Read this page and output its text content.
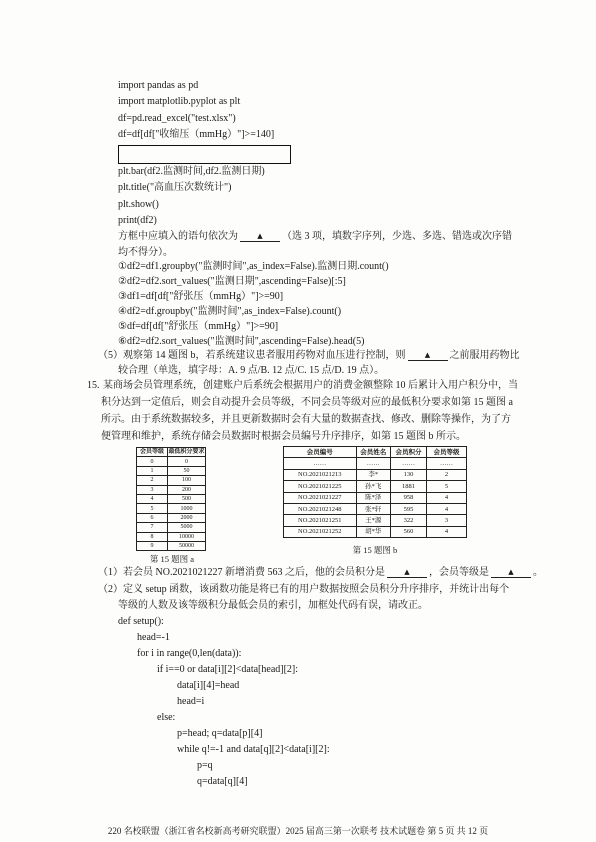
import pandas as pd
import matplotlib.pyplot as plt
df=pd.read_excel("test.xlsx")
df=df[df["收缩压（mmHg）"]>=140]
plt.bar(df2.监测时间,df2.监测日期)
plt.title("高血压次数统计")
plt.show()
print(df2)
方框中应填入的语句依次为	▲ （选 3 项，填数字序列，少选、多选、错选或次序错
均不得分）。
①df2=df1.groupby("监测时间",as_index=False).监测日期.count()
②df2=df2.sort_values("监测日期",ascending=False)[:5]
③df1=df[df["舒张压（mmHg）"]>=90]
④df2=df.groupby("监测时间",as_index=False).count()
⑤df=df[df["舒张压（mmHg）"]>=90]
⑥df2=df2.sort_values("监测时间",ascending=False).head(5)
（5）观察第 14 题图 b，若系统建议患者服用药物对血压进行控制，则	▲ 之前服用药物比
较合理（单选，填字母：A. 9 点/B. 12 点/C. 15 点/D. 19 点）。
15. 某商场会员管理系统，创建账户后系统会根据用户的消费金额整除 10 后累计入用户积分中，当
积分达到一定值后，则会自动提升会员等级，不同会员等级对应的最低积分要求如第 15 题图 a
所示。由于系统数据较多，并且更新数据时会有大量的数据查找、修改、删除等操作，为了方
便管理和维护，系统存储会员数据时根据会员编号升序排序，如第 15 题图 b 所示。
会员等级	最低积分要求
0	0
1	50
2	100
3	200
4	500
5	1000
6	2000
7	5000
8	10000
9	50000
第 15 题图 a
会员编号	会员姓名	会员积分	会员等级
……	……	……	……
NO.2021021213	李*	130	2
NO.2021021225	孙*飞	1881	5
NO.2021021227	陈*泽	958	4
NO.2021021248	张*轩	595	4
NO.2021021251	王*源	322	3
NO.2021021252	胡*华	560	4
第 15 题图 b
（1）若会员 NO.2021021227 新增消费 563 之后，他的会员积分是	▲ ，会员等级是	▲ 。
（2）定义 setup 函数，该函数功能是将已有的用户数据按照会员积分升序排序，并统计出每个
等级的人数及该等级积分最低会员的索引，加框处代码有误，请改正。
def setup():
head=-1
for i in range(0,len(data)):
if i==0 or data[i][2]<data[head][2]:
data[i][4]=head
head=i
else:
p=head; q=data[p][4]
while q!=-1 and data[q][2]<data[i][2]:
p=q
q=data[q][4]
220 名校联盟（浙江省名校新高考研究联盟）2025 届高三第一次联考 技术试题卷 第 5 页 共 12 页
